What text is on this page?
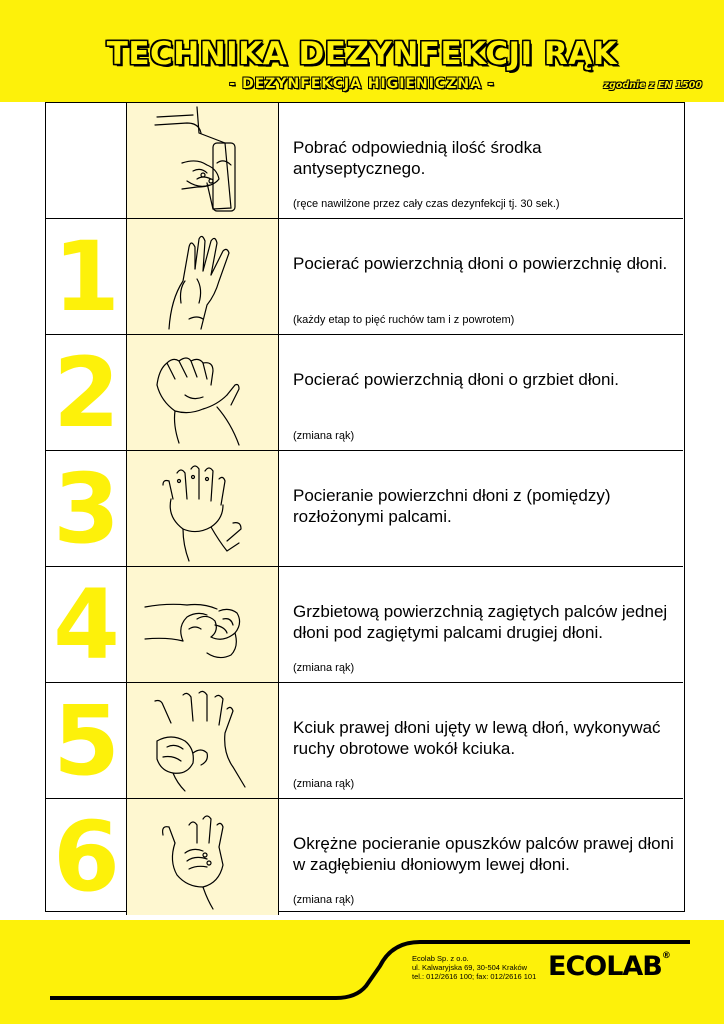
TECHNIKA DEZYNFEKCJI RĄK
- DEZYNFEKCJA HIGIENICZNA -	zgodnie z EN 1500
Pobrać odpowiednią ilość środka antyseptycznego.
(ręce nawilżone przez cały czas dezynfekcji tj. 30 sek.)
1	Pocierać powierzchnią dłoni o powierzchnię dłoni.
(każdy etap to pięć ruchów tam i z powrotem)
2	Pocierać powierzchnią dłoni o grzbiet dłoni.
(zmiana rąk)
3	Pocieranie powierzchni dłoni z (pomiędzy) rozłożonymi palcami.
4	Grzbietową powierzchnią zagiętych palców jednej dłoni pod zagiętymi palcami drugiej dłoni.
(zmiana rąk)
5	Kciuk prawej dłoni ujęty w lewą dłoń, wykonywać ruchy obrotowe wokół kciuka.
(zmiana rąk)
6	Okrężne pocieranie opuszków palców prawej dłoni w zagłębieniu dłoniowym lewej dłoni.
(zmiana rąk)
Ecolab Sp. z o.o.
ul. Kalwaryjska 69, 30-504 Kraków
tel.: 012/2616 100; fax: 012/2616 101 ECOLAB®
